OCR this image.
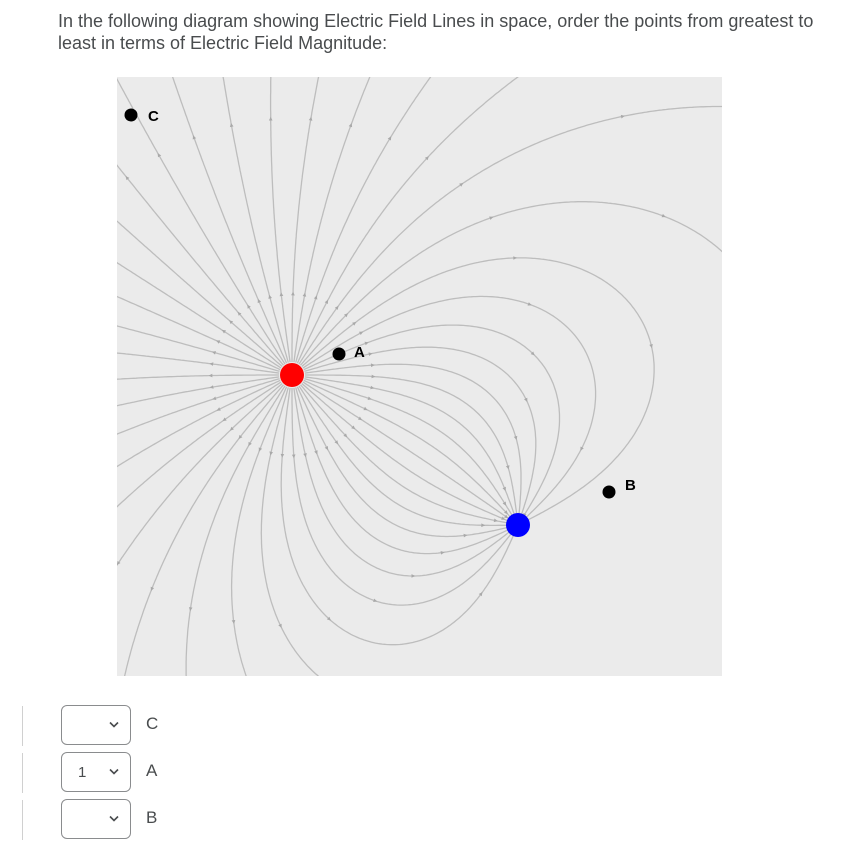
In the following diagram showing Electric Field Lines in space, order the points from greatest to least in terms of Electric Field Magnitude:

A
B
C
C
1	A
B
